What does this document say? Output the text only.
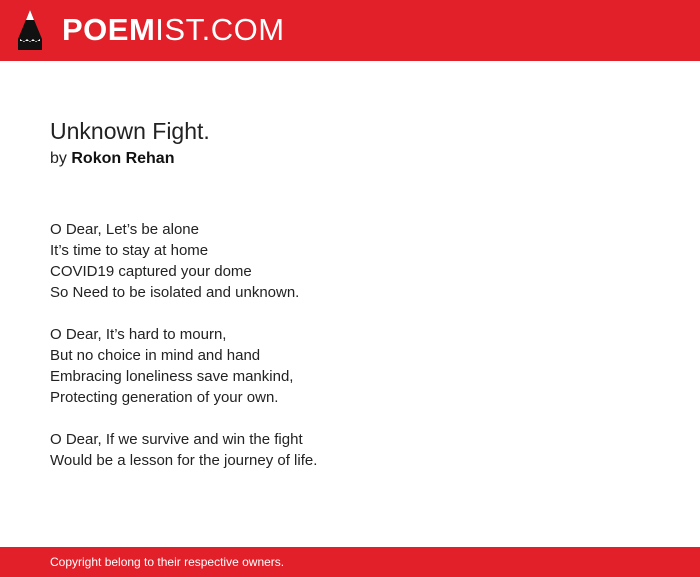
POEMIST.COM
Unknown Fight.
by Rokon Rehan
O Dear, Let’s be alone
It’s time to stay at home
COVID19 captured your dome
So Need to be isolated and unknown.
O Dear, It’s hard to mourn,
But no choice in mind and hand
Embracing loneliness save mankind,
Protecting generation of your own.
O Dear, If we survive and win the fight
Would be a lesson for the journey of life.
Copyright belong to their respective owners.
